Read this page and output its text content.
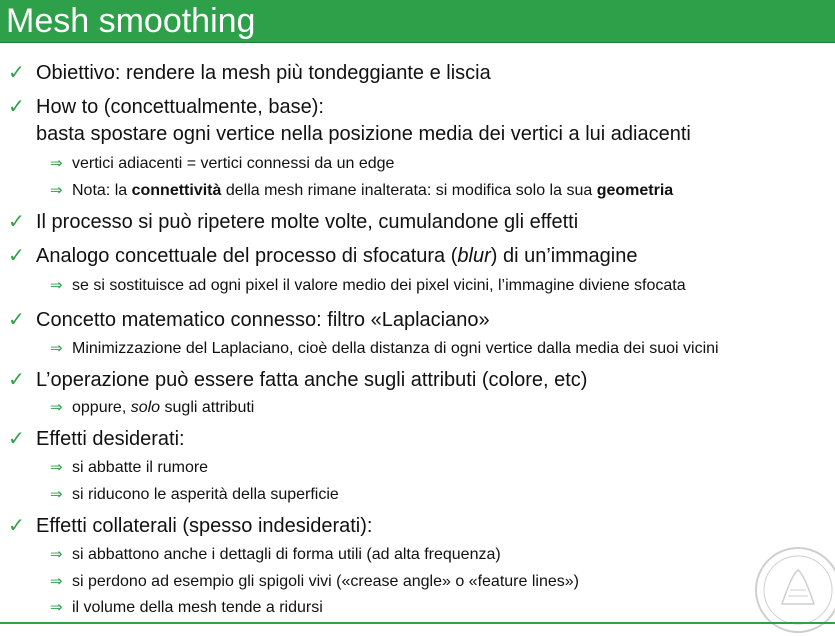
Mesh smoothing
✓ Obiettivo: rendere la mesh più tondeggiante e liscia
✓ How to (concettualmente, base):
basta spostare ogni vertice nella posizione media dei vertici a lui adiacenti
⇒ vertici adiacenti = vertici connessi da un edge
⇒ Nota: la connettività della mesh rimane inalterata: si modifica solo la sua geometria
✓ Il processo si può ripetere molte volte, cumulandone gli effetti
✓ Analogo concettuale del processo di sfocatura (blur) di un’immagine
⇒ se si sostituisce ad ogni pixel il valore medio dei pixel vicini, l’immagine diviene sfocata
✓ Concetto matematico connesso: filtro «Laplaciano»
⇒ Minimizzazione del Laplaciano, cioè della distanza di ogni vertice dalla media dei suoi vicini
✓ L’operazione può essere fatta anche sugli attributi (colore, etc)
⇒ oppure, solo sugli attributi
✓ Effetti desiderati:
⇒ si abbatte il rumore
⇒ si riducono le asperità della superficie
✓ Effetti collaterali (spesso indesiderati):
⇒ si abbattono anche i dettagli di forma utili (ad alta frequenza)
⇒ si perdono ad esempio gli spigoli vivi («crease angle» o «feature lines»)
⇒ il volume della mesh tende a ridursi
